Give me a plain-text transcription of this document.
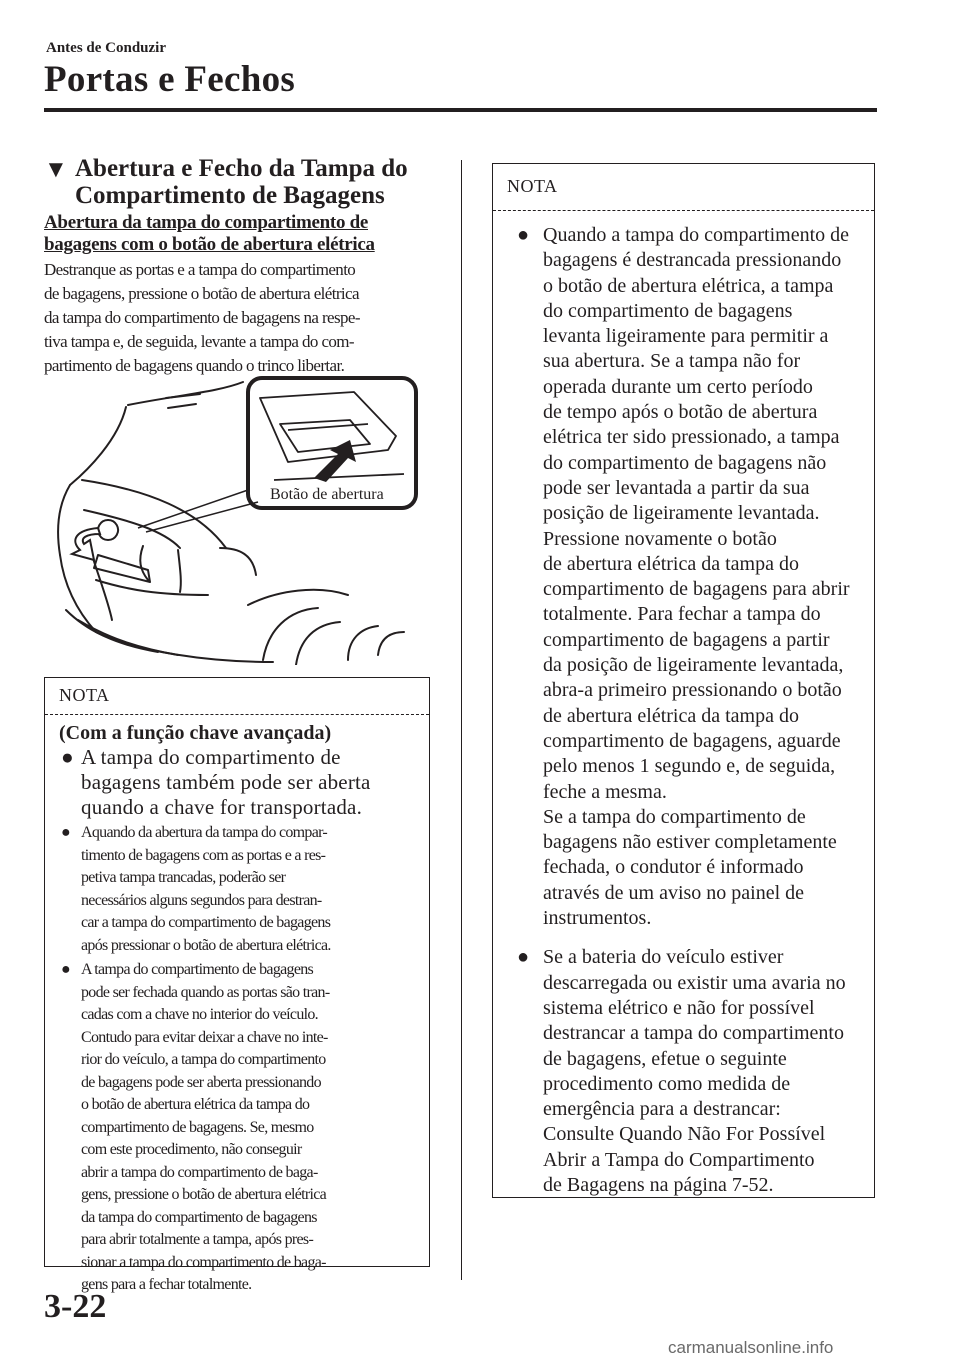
Antes de Conduzir
Portas e Fechos
▼ Abertura e Fecho da Tampa do
Compartimento de Bagagens
Abertura da tampa do compartimento de
bagagens com o botão de abertura elétrica
Destranque as portas e a tampa do compartimento
de bagagens, pressione o botão de abertura elétrica
da tampa do compartimento de bagagens na respe-
tiva tampa e, de seguida, levante a tampa do com-
partimento de bagagens quando o trinco libertar.
Botão de abertura
NOTA
(Com a função chave avançada)
● A tampa do compartimento de
bagagens também pode ser aberta
quando a chave for transportada.
● Aquando da abertura da tampa do compar-
timento de bagagens com as portas e a res-
petiva tampa trancadas, poderão ser
necessários alguns segundos para destran-
car a tampa do compartimento de bagagens
após pressionar o botão de abertura elétrica.
● A tampa do compartimento de bagagens
pode ser fechada quando as portas são tran-
cadas com a chave no interior do veículo.
Contudo para evitar deixar a chave no inte-
rior do veículo, a tampa do compartimento
de bagagens pode ser aberta pressionando
o botão de abertura elétrica da tampa do
compartimento de bagagens. Se, mesmo
com este procedimento, não conseguir
abrir a tampa do compartimento de baga-
gens, pressione o botão de abertura elétrica
da tampa do compartimento de bagagens
para abrir totalmente a tampa, após pres-
sionar a tampa do compartimento de baga-
gens para a fechar totalmente.
NOTA
● Quando a tampa do compartimento de
bagagens é destrancada pressionando
o botão de abertura elétrica, a tampa
do compartimento de bagagens
levanta ligeiramente para permitir a
sua abertura. Se a tampa não for
operada durante um certo período
de tempo após o botão de abertura
elétrica ter sido pressionado, a tampa
do compartimento de bagagens não
pode ser levantada a partir da sua
posição de ligeiramente levantada.
Pressione novamente o botão
de abertura elétrica da tampa do
compartimento de bagagens para abrir
totalmente. Para fechar a tampa do
compartimento de bagagens a partir
da posição de ligeiramente levantada,
abra-a primeiro pressionando o botão
de abertura elétrica da tampa do
compartimento de bagagens, aguarde
pelo menos 1 segundo e, de seguida,
feche a mesma.
Se a tampa do compartimento de
bagagens não estiver completamente
fechada, o condutor é informado
através de um aviso no painel de
instrumentos.
● Se a bateria do veículo estiver
descarregada ou existir uma avaria no
sistema elétrico e não for possível
destrancar a tampa do compartimento
de bagagens, efetue o seguinte
procedimento como medida de
emergência para a destrancar:
Consulte Quando Não For Possível
Abrir a Tampa do Compartimento
de Bagagens na página 7-52.
3-22
carmanualsonline.info
